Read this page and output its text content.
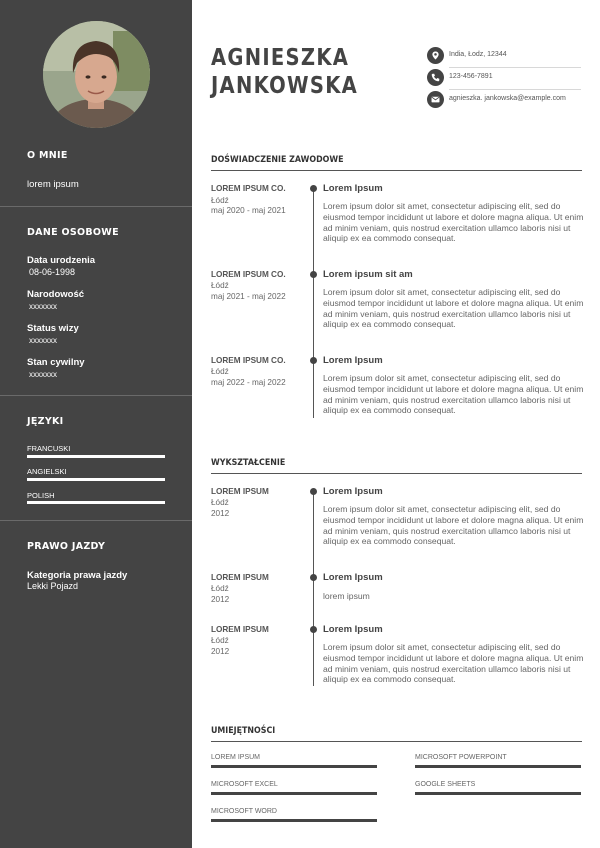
O MNIE
lorem ipsum
DANE OSOBOWE
Data urodzenia
08-06-1998
Narodowość
xxxxxxx
Status wizy
xxxxxxx
Stan cywilny
xxxxxxx
JĘZYKI
FRANCUSKI
ANGIELSKI
POLISH
PRAWO JAZDY
Kategoria prawa jazdy
Lekki Pojazd
AGNIESZKA
JANKOWSKA
India, Łodz, 12344
123-456-7891
agnieszka. jankowska@example.com
DOŚWIADCZENIE ZAWODOWE
LOREM IPSUM CO.
Łódź
maj 2020 - maj 2021
Lorem Ipsum
Lorem ipsum dolor sit amet, consectetur adipiscing elit, sed do eiusmod tempor incididunt ut labore et dolore magna aliqua. Ut enim ad minim veniam, quis nostrud exercitation ullamco laboris nisi ut aliquip ex ea commodo consequat.
LOREM IPSUM CO.
Łódź
maj 2021 - maj 2022
Lorem ipsum sit am
Lorem ipsum dolor sit amet, consectetur adipiscing elit, sed do eiusmod tempor incididunt ut labore et dolore magna aliqua. Ut enim ad minim veniam, quis nostrud exercitation ullamco laboris nisi ut aliquip ex ea commodo consequat.
LOREM IPSUM CO.
Łódź
maj 2022 - maj 2022
Lorem Ipsum
Lorem ipsum dolor sit amet, consectetur adipiscing elit, sed do eiusmod tempor incididunt ut labore et dolore magna aliqua. Ut enim ad minim veniam, quis nostrud exercitation ullamco laboris nisi ut aliquip ex ea commodo consequat.
WYKSZTAŁCENIE
LOREM IPSUM
Łódź
2012
Lorem Ipsum
Lorem ipsum dolor sit amet, consectetur adipiscing elit, sed do eiusmod tempor incididunt ut labore et dolore magna aliqua. Ut enim ad minim veniam, quis nostrud exercitation ullamco laboris nisi ut aliquip ex ea commodo consequat.
LOREM IPSUM
Łódź
2012
Lorem Ipsum
lorem ipsum
LOREM IPSUM
Łódź
2012
Lorem Ipsum
Lorem ipsum dolor sit amet, consectetur adipiscing elit, sed do eiusmod tempor incididunt ut labore et dolore magna aliqua. Ut enim ad minim veniam, quis nostrud exercitation ullamco laboris nisi ut aliquip ex ea commodo consequat.
UMIEJĘTNOŚCI
LOREM IPSUM	MICROSOFT POWERPOINT
MICROSOFT EXCEL	GOOGLE SHEETS
MICROSOFT WORD
